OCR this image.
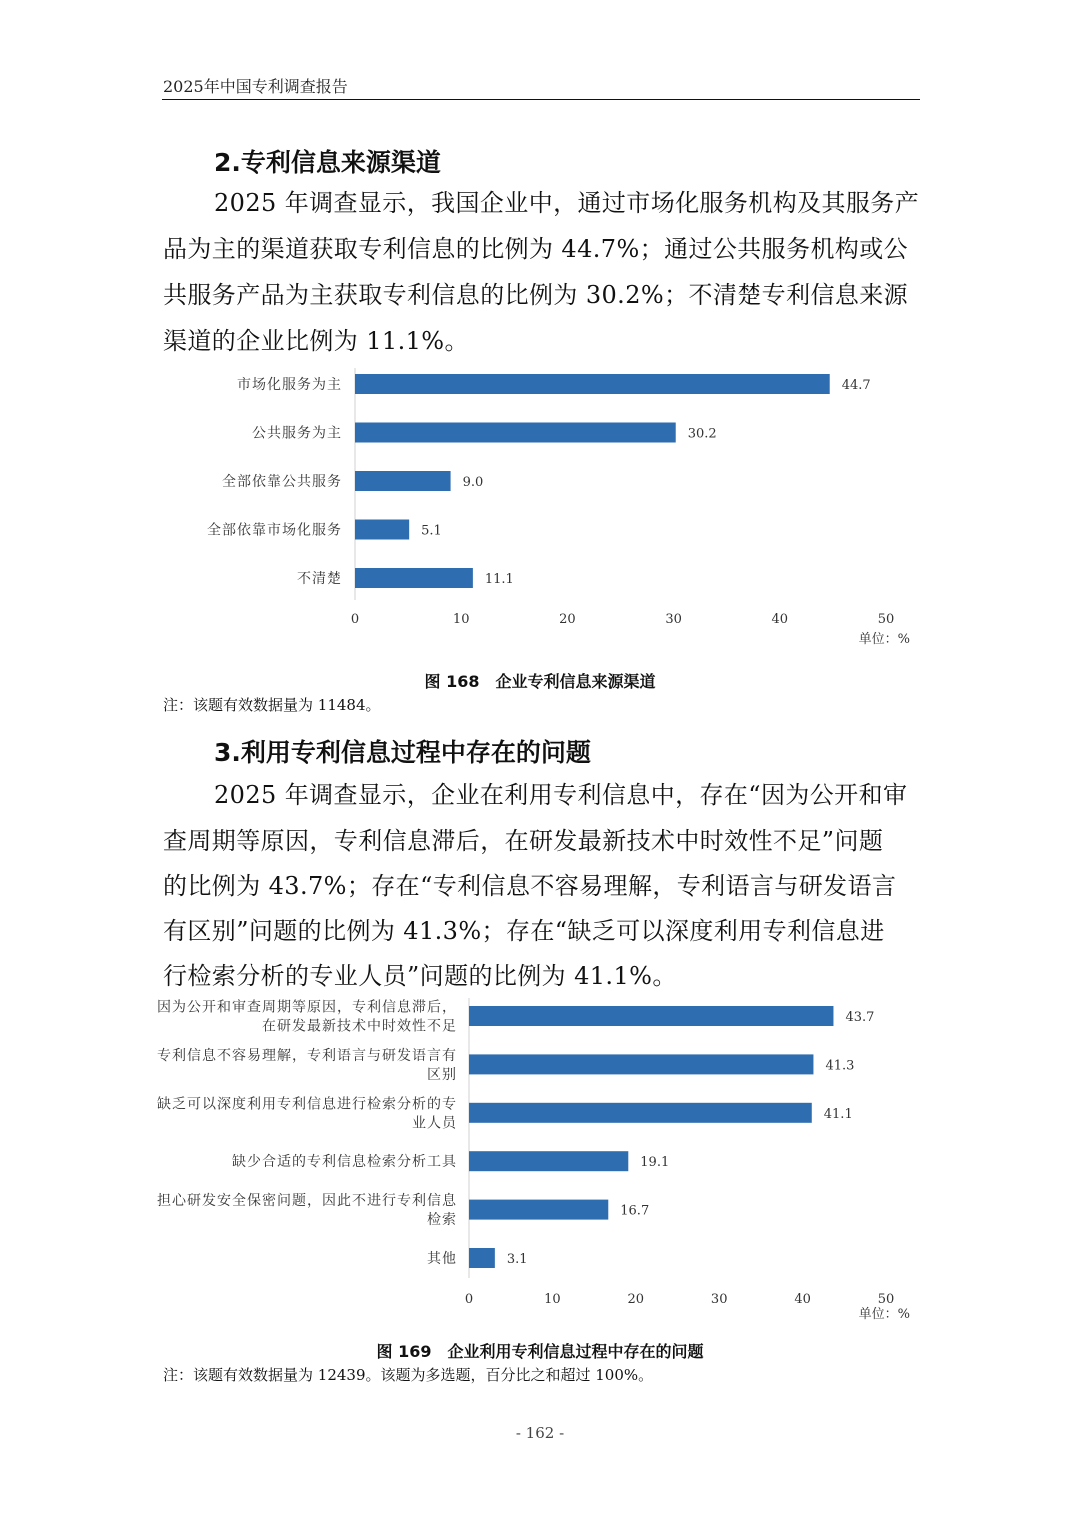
2025年中国专利调查报告
2.专利信息来源渠道
2025 年调查显示，我国企业中，通过市场化服务机构及其服务产
品为主的渠道获取专利信息的比例为 44.7%；通过公共服务机构或公
共服务产品为主获取专利信息的比例为 30.2%；不清楚专利信息来源
渠道的企业比例为 11.1%。
44.7
市场化服务为主
30.2
公共服务为主
9.0
全部依靠公共服务
5.1
全部依靠市场化服务
11.1
不清楚
0	10	20	30	40	50
单位：%
图 168　企业专利信息来源渠道
注：该题有效数据量为 11484。
3.利用专利信息过程中存在的问题
2025 年调查显示，企业在利用专利信息中，存在“因为公开和审
查周期等原因，专利信息滞后，在研发最新技术中时效性不足”问题
的比例为 43.7%；存在“专利信息不容易理解，专利语言与研发语言
有区别”问题的比例为 41.3%；存在“缺乏可以深度利用专利信息进
行检索分析的专业人员”问题的比例为 41.1%。
43.7
因为公开和审查周期等原因，专利信息滞后，在研发最新技术中时效性不足
41.3
专利信息不容易理解，专利语言与研发语言有区别
41.1
缺乏可以深度利用专利信息进行检索分析的专业人员
19.1
缺少合适的专利信息检索分析工具
16.7
担心研发安全保密问题，因此不进行专利信息检索
3.1
其他
0	10	20	30	40	50
单位：%
图 169　企业利用专利信息过程中存在的问题
注：该题有效数据量为 12439。该题为多选题，百分比之和超过 100%。
- 162 -
